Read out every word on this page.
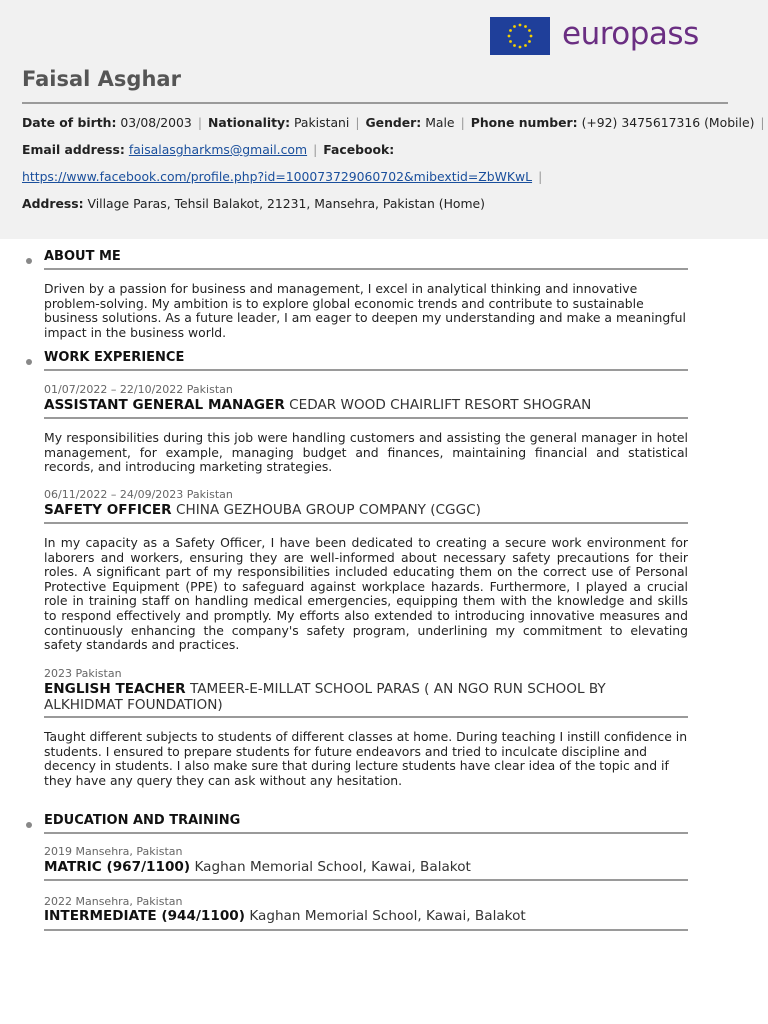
europass
Faisal Asghar
Date of birth: 03/08/2003 | Nationality: Pakistani | Gender: Male | Phone number: (+92) 3475617316 (Mobile) |
Email address: faisalasgharkms@gmail.com | Facebook:
https://www.facebook.com/profile.php?id=100073729060702&mibextid=ZbWKwL |
Address: Village Paras, Tehsil Balakot, 21231, Mansehra, Pakistan (Home)
ABOUT ME
Driven by a passion for business and management, I excel in analytical thinking and innovative problem-solving. My ambition is to explore global economic trends and contribute to sustainable business solutions. As a future leader, I am eager to deepen my understanding and make a meaningful impact in the business world.
WORK EXPERIENCE
01/07/2022 – 22/10/2022 Pakistan
ASSISTANT GENERAL MANAGER CEDAR WOOD CHAIRLIFT RESORT SHOGRAN
My responsibilities during this job were handling customers and assisting the general manager in hotel management, for example, managing budget and finances, maintaining financial and statistical records, and introducing marketing strategies.
06/11/2022 – 24/09/2023 Pakistan
SAFETY OFFICER CHINA GEZHOUBA GROUP COMPANY (CGGC)
In my capacity as a Safety Officer, I have been dedicated to creating a secure work environment for laborers and workers, ensuring they are well-informed about necessary safety precautions for their roles. A significant part of my responsibilities included educating them on the correct use of Personal Protective Equipment (PPE) to safeguard against workplace hazards. Furthermore, I played a crucial role in training staff on handling medical emergencies, equipping them with the knowledge and skills to respond effectively and promptly. My efforts also extended to introducing innovative measures and continuously enhancing the company's safety program, underlining my commitment to elevating safety standards and practices.
2023 Pakistan
ENGLISH TEACHER TAMEER-E-MILLAT SCHOOL PARAS ( AN NGO RUN SCHOOL BY ALKHIDMAT FOUNDATION)
Taught different subjects to students of different classes at home. During teaching I instill confidence in students. I ensured to prepare students for future endeavors and tried to inculcate discipline and decency in students. I also make sure that during lecture students have clear idea of the topic and if they have any query they can ask without any hesitation.
EDUCATION AND TRAINING
2019 Mansehra, Pakistan
MATRIC (967/1100) Kaghan Memorial School, Kawai, Balakot
2022 Mansehra, Pakistan
INTERMEDIATE (944/1100) Kaghan Memorial School, Kawai, Balakot
